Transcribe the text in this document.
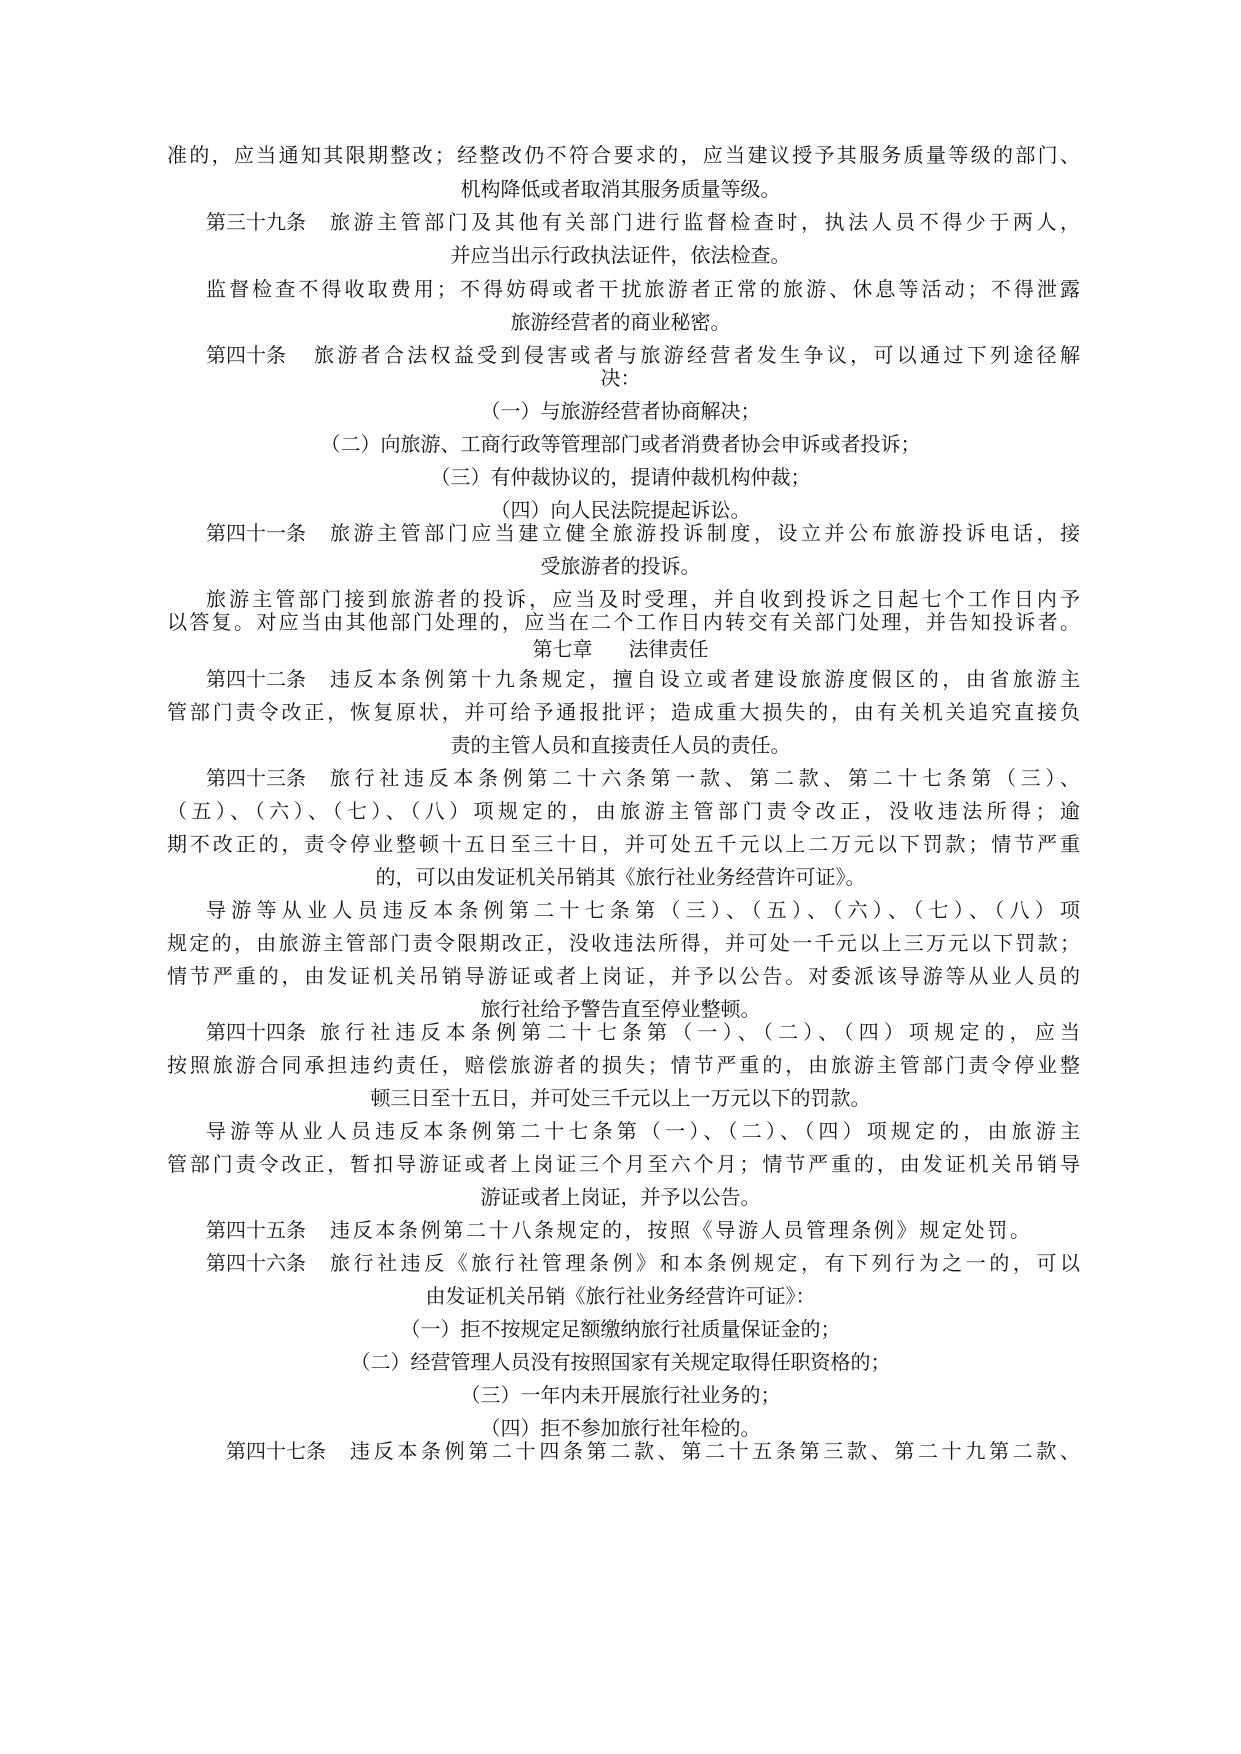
准的，应当通知其限期整改；经整改仍不符合要求的，应当建议授予其服务质量等级的部门、
机构降低或者取消其服务质量等级。
第三十九条 旅游主管部门及其他有关部门进行监督检查时，执法人员不得少于两人，
并应当出示行政执法证件，依法检查。
监督检查不得收取费用；不得妨碍或者干扰旅游者正常的旅游、休息等活动；不得泄露
旅游经营者的商业秘密。
第四十条 旅游者合法权益受到侵害或者与旅游经营者发生争议，可以通过下列途径解
决：
（一）与旅游经营者协商解决；
（二）向旅游、工商行政等管理部门或者消费者协会申诉或者投诉；
（三）有仲裁协议的，提请仲裁机构仲裁；
（四）向人民法院提起诉讼。
第四十一条 旅游主管部门应当建立健全旅游投诉制度，设立并公布旅游投诉电话，接
受旅游者的投诉。
旅游主管部门接到旅游者的投诉，应当及时受理，并自收到投诉之日起七个工作日内予
以答复。对应当由其他部门处理的，应当在二个工作日内转交有关部门处理，并告知投诉者。
第七章 法律责任
第四十二条 违反本条例第十九条规定，擅自设立或者建设旅游度假区的，由省旅游主
管部门责令改正，恢复原状，并可给予通报批评；造成重大损失的，由有关机关追究直接负
责的主管人员和直接责任人员的责任。
第四十三条 旅行社违反本条例第二十六条第一款、第二款、第二十七条第（三）、
（五）、（六）、（七）、（八）项规定的，由旅游主管部门责令改正，没收违法所得；逾
期不改正的，责令停业整顿十五日至三十日，并可处五千元以上二万元以下罚款；情节严重
的，可以由发证机关吊销其《旅行社业务经营许可证》。
导游等从业人员违反本条例第二十七条第（三）、（五）、（六）、（七）、（八）项
规定的，由旅游主管部门责令限期改正，没收违法所得，并可处一千元以上三万元以下罚款；
情节严重的，由发证机关吊销导游证或者上岗证，并予以公告。对委派该导游等从业人员的
旅行社给予警告直至停业整顿。
第四十四条 旅行社违反本条例第二十七条第（一）、（二）、（四）项规定的，应当
按照旅游合同承担违约责任，赔偿旅游者的损失；情节严重的，由旅游主管部门责令停业整
顿三日至十五日，并可处三千元以上一万元以下的罚款。
导游等从业人员违反本条例第二十七条第（一）、（二）、（四）项规定的，由旅游主
管部门责令改正，暂扣导游证或者上岗证三个月至六个月；情节严重的，由发证机关吊销导
游证或者上岗证，并予以公告。
第四十五条 违反本条例第二十八条规定的，按照《导游人员管理条例》规定处罚。
第四十六条 旅行社违反《旅行社管理条例》和本条例规定，有下列行为之一的，可以
由发证机关吊销《旅行社业务经营许可证》：
（一）拒不按规定足额缴纳旅行社质量保证金的；
（二）经营管理人员没有按照国家有关规定取得任职资格的；
（三）一年内未开展旅行社业务的；
（四）拒不参加旅行社年检的。
第四十七条 违反本条例第二十四条第二款、第二十五条第三款、第二十九第二款、
